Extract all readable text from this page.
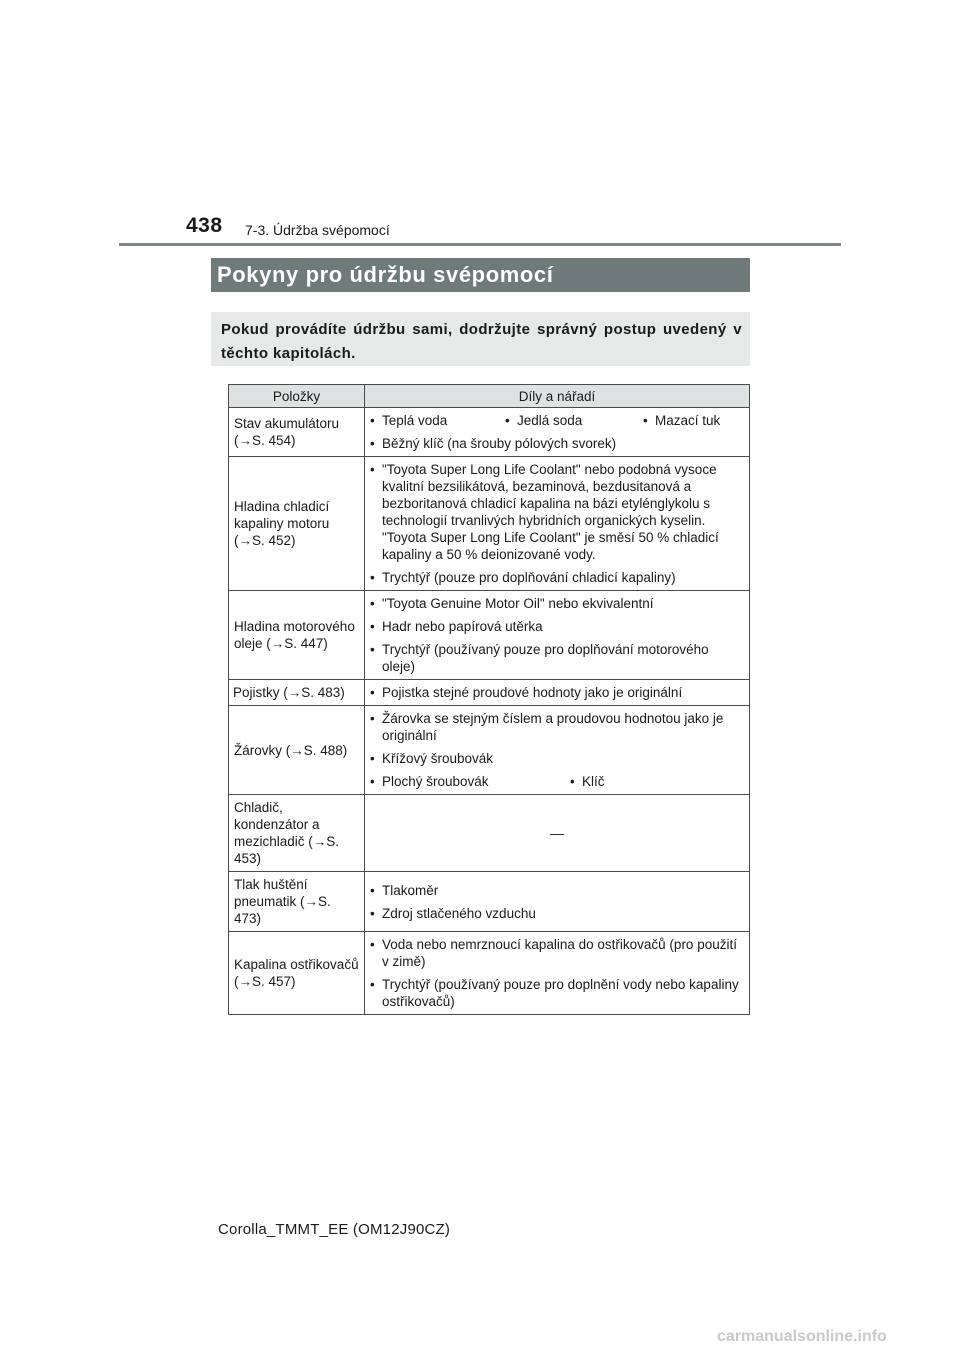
438 7-3. Údržba svépomocí
Pokyny pro údržbu svépomocí
Pokud provádíte údržbu sami, dodržujte správný postup uvedený v těchto kapitolách.
Položky	Díly a nářadí
Stav akumulátoru (→S. 454)	• Teplá voda • Jedlá soda • Mazací tuk

• Běžný klíč (na šrouby pólových svorek)

Hladina chladicí kapaliny motoru (→S. 452)	• "Toyota Super Long Life Coolant" nebo podobná vysoce kvalitní bezsilikátová, bezaminová, bezdusitanová a bezboritanová chladicí kapalina na bázi etylénglykolu s technologií trvanlivých hybridních organických kyselin.
"Toyota Super Long Life Coolant" je směsí 50 % chladicí kapaliny a 50 % deionizované vody.

• Trychtýř (pouze pro doplňování chladicí kapaliny)

Hladina motorového oleje (→S. 447)	• "Toyota Genuine Motor Oil" nebo ekvivalentní

• Hadr nebo papírová utěrka

• Trychtýř (používaný pouze pro doplňování motorového oleje)

Pojistky (→S. 483)	• Pojistka stejné proudové hodnoty jako je originální

Žárovky (→S. 488)	• Žárovka se stejným číslem a proudovou hodnotou jako je originální

• Křížový šroubovák

• Plochý šroubovák • Klíč

Chladič, kondenzátor a mezichladič (→S. 453)	—

Tlak huštění pneumatik (→S. 473)	• Tlakoměr

• Zdroj stlačeného vzduchu

Kapalina ostřikovačů (→S. 457)	• Voda nebo nemrznoucí kapalina do ostřikovačů (pro použití v zimě)

• Trychtýř (používaný pouze pro doplnění vody nebo kapaliny ostřikovačů)

Corolla_TMMT_EE (OM12J90CZ)
carmanualsonline.info
